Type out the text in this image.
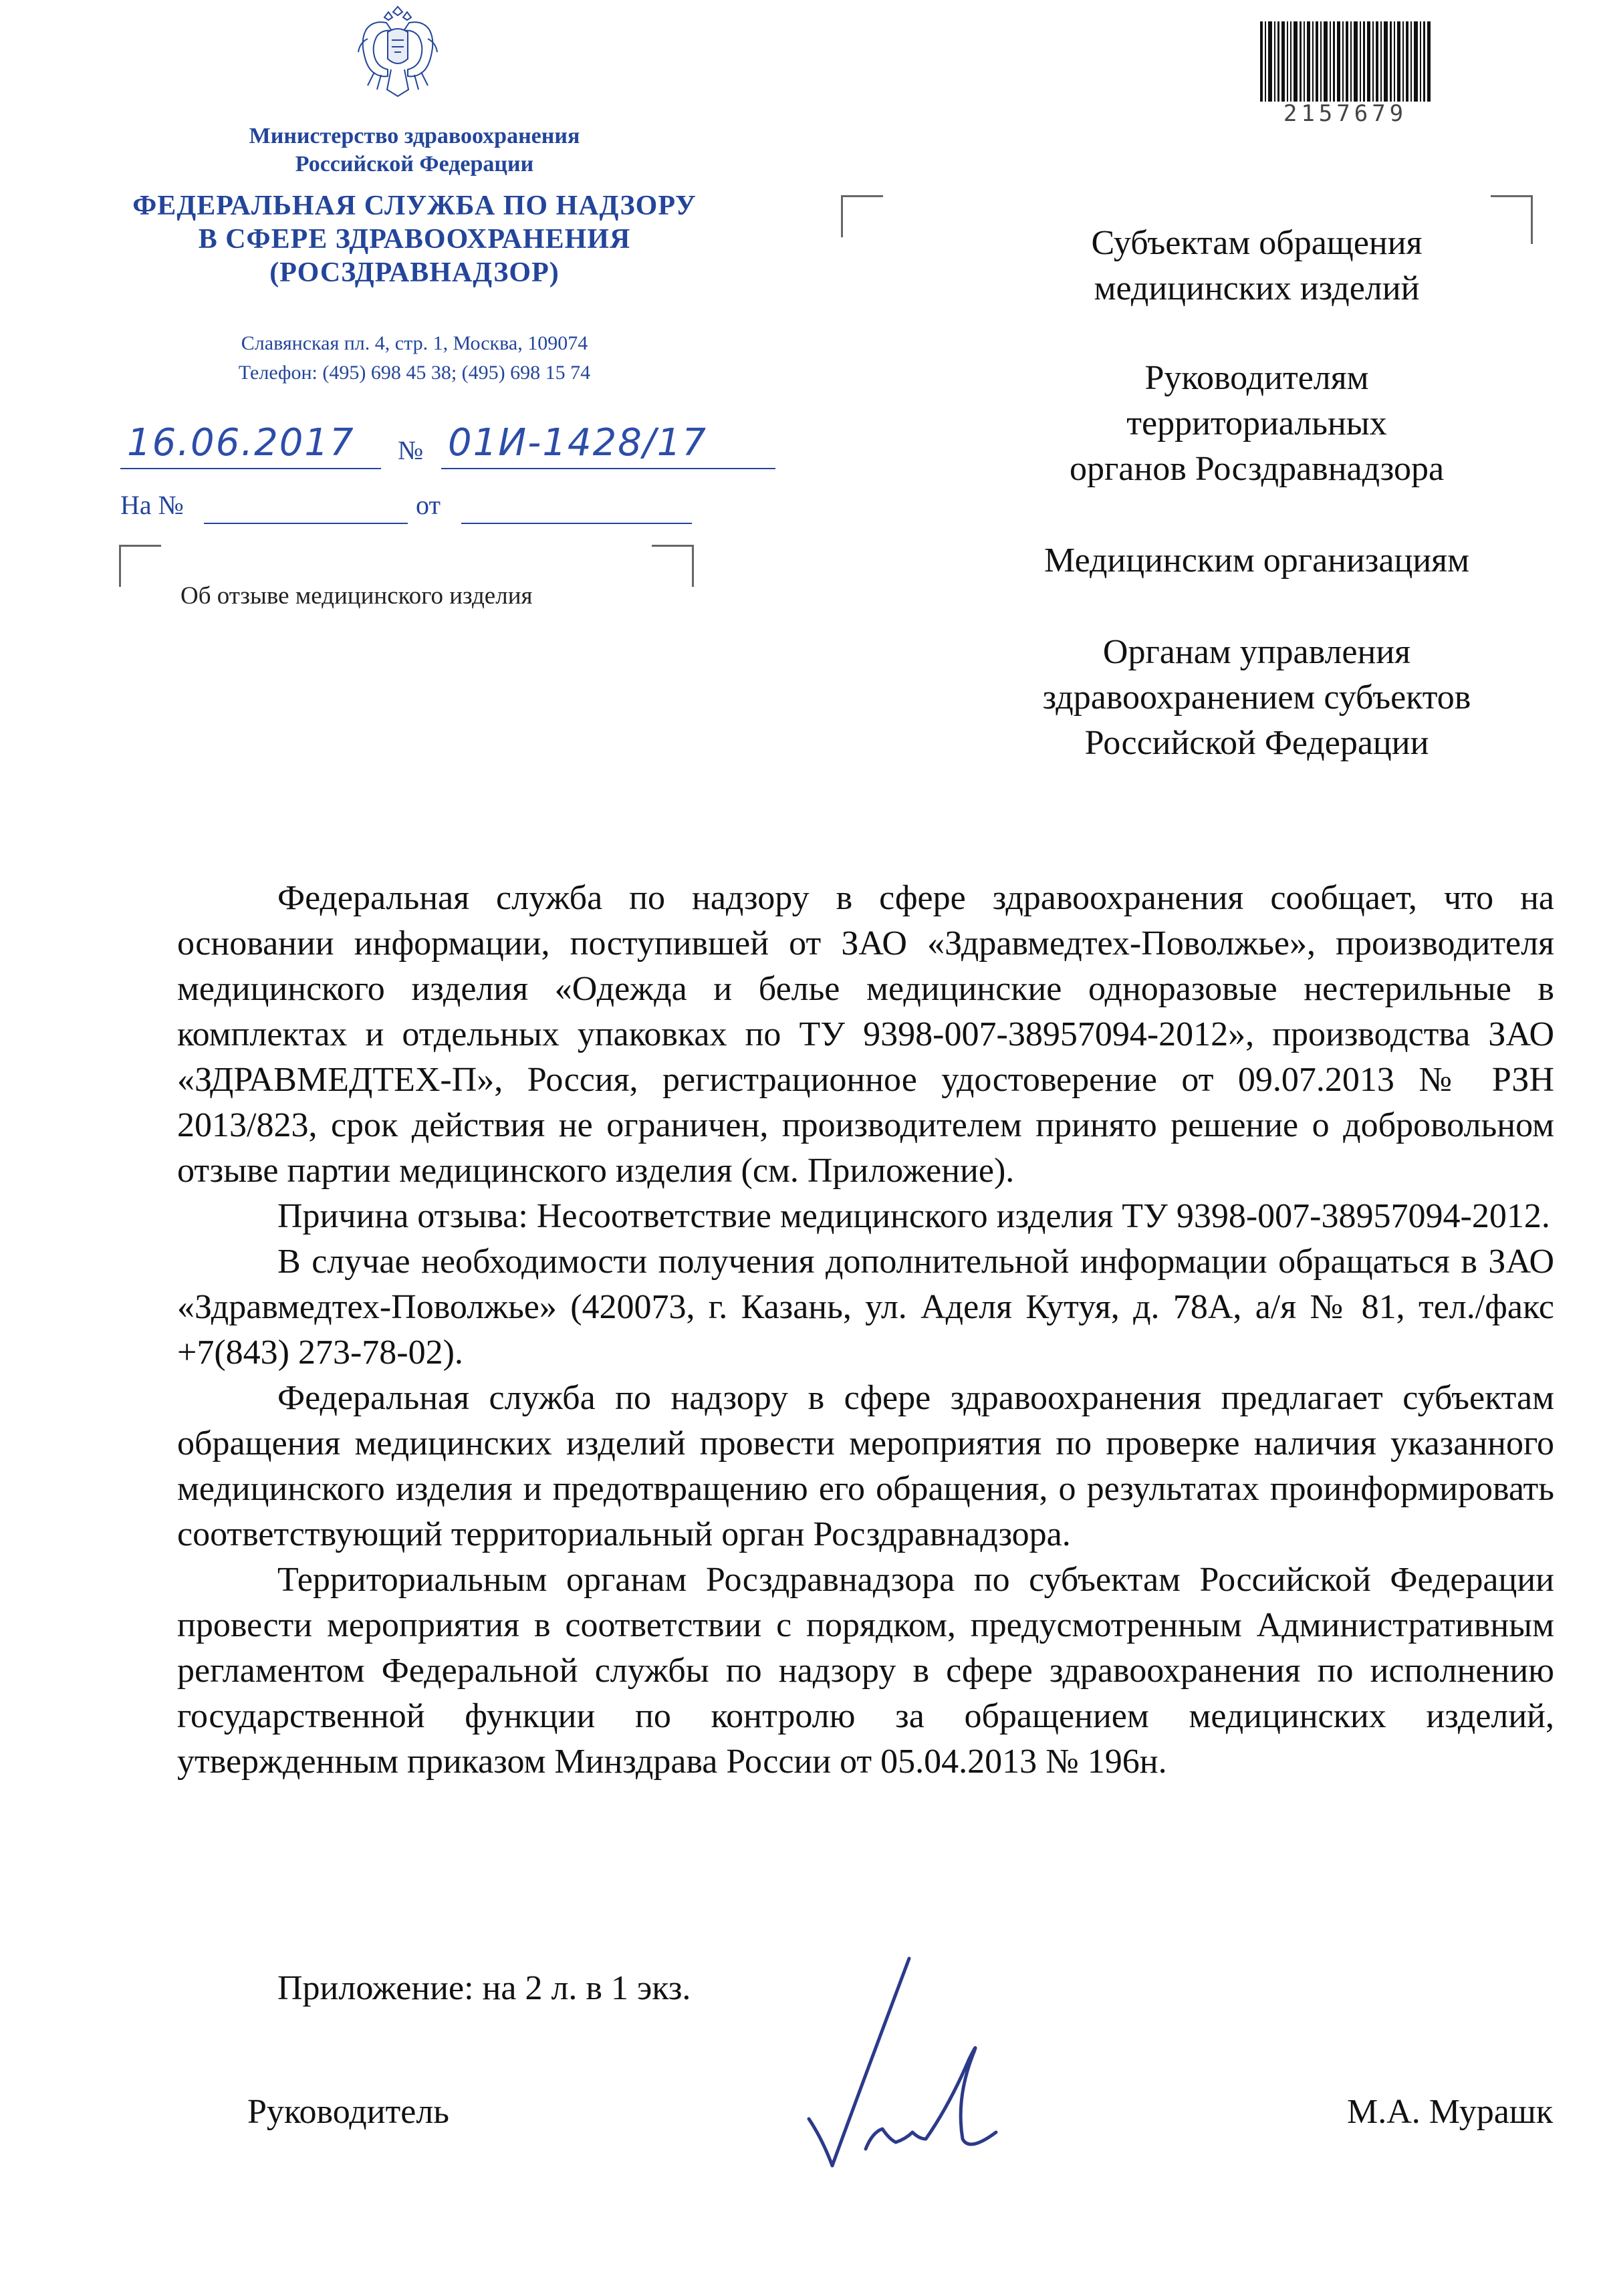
Министерство здравоохранения
Российской Федерации
ФЕДЕРАЛЬНАЯ СЛУЖБА ПО НАДЗОРУ
В СФЕРЕ ЗДРАВООХРАНЕНИЯ
(РОСЗДРАВНАДЗОР)
Славянская пл. 4, стр. 1, Москва, 109074
Телефон: (495) 698 45 38; (495) 698 15 74
16.06.2017 № 01И-1428/17
На №	от
Об отзыве медицинского изделия
2157679
Субъектам обращения
медицинских изделий
Руководителям
территориальных
органов Росздравнадзора
Медицинским организациям
Органам управления
здравоохранением субъектов
Российской Федерации

Федеральная служба по надзору в сфере здравоохранения сообщает, что на основании информации, поступившей от ЗАО «Здравмедтех-Поволжье», производителя медицинского изделия «Одежда и белье медицинские одноразовые нестерильные в комплектах и отдельных упаковках по ТУ 9398-007-38957094-2012», производства ЗАО «ЗДРАВМЕДТЕХ-П», Россия, регистрационное удостоверение от 09.07.2013 № РЗН 2013/823, срок действия не ограничен, производителем принято решение о добровольном отзыве партии медицинского изделия (см. Приложение).

Причина отзыва: Несоответствие медицинского изделия ТУ 9398-007-38957094-2012.

В случае необходимости получения дополнительной информации обращаться в ЗАО «Здравмедтех-Поволжье» (420073, г. Казань, ул. Аделя Кутуя, д. 78А, а/я № 81, тел./факс +7(843) 273-78-02).

Федеральная служба по надзору в сфере здравоохранения предлагает субъектам обращения медицинских изделий провести мероприятия по проверке наличия указанного медицинского изделия и предотвращению его обращения, о результатах проинформировать соответствующий территориальный орган Росздравнадзора.

Территориальным органам Росздравнадзора по субъектам Российской Федерации провести мероприятия в соответствии с порядком, предусмотренным Административным регламентом Федеральной службы по надзору в сфере здравоохранения по исполнению государственной функции по контролю за обращением медицинских изделий, утвержденным приказом Минздрава России от 05.04.2013 № 196н.

Приложение: на 2 л. в 1 экз.
Руководитель	М.А. Мурашк
